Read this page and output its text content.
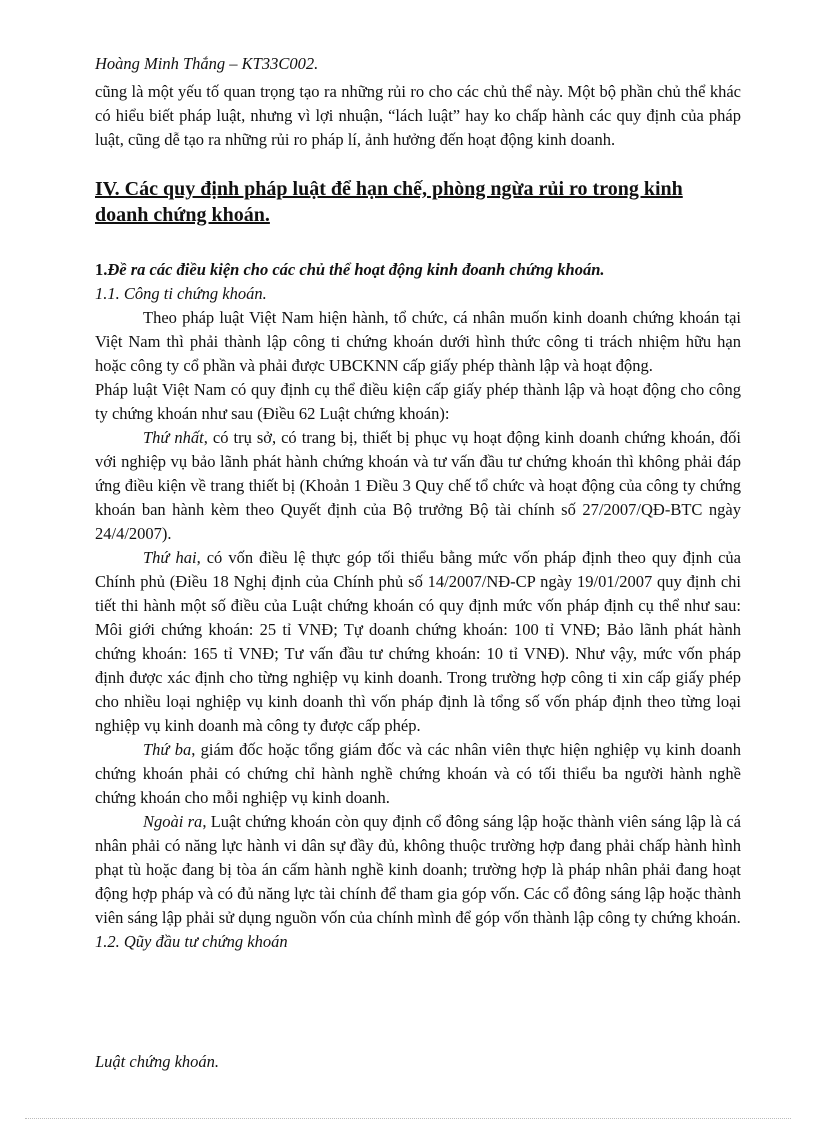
Hoàng Minh Thắng – KT33C002.

cũng là một yếu tố quan trọng tạo ra những rủi ro cho các chủ thể này. Một bộ phần chủ thể khác có hiểu biết pháp luật, nhưng vì lợi nhuận, “lách luật” hay ko chấp hành các quy định của pháp luật, cũng dễ tạo ra những rủi ro pháp lí, ảnh hưởng đến hoạt động kinh doanh.

IV. Các quy định pháp luật để hạn chế, phòng ngừa rủi ro trong kinh doanh chứng khoán.
1.Đề ra các điều kiện cho các chủ thể hoạt động kinh đoanh chứng khoán.
1.1. Công ti chứng khoán.

Theo pháp luật Việt Nam hiện hành, tổ chức, cá nhân muốn kinh doanh chứng khoán tại Việt Nam thì phải thành lập công ti chứng khoán dưới hình thức công ti trách nhiệm hữu hạn hoặc công ty cổ phần và phải được UBCKNN cấp giấy phép thành lập và hoạt động.

Pháp luật Việt Nam có quy định cụ thể điều kiện cấp giấy phép thành lập và hoạt động cho công ty chứng khoán như sau (Điều 62 Luật chứng khoán):

Thứ nhất, có trụ sở, có trang bị, thiết bị phục vụ hoạt động kinh doanh chứng khoán, đối với nghiệp vụ bảo lãnh phát hành chứng khoán và tư vấn đầu tư chứng khoán thì không phải đáp ứng điều kiện về trang thiết bị (Khoản 1 Điều 3 Quy chế tổ chức và hoạt động của công ty chứng khoán ban hành kèm theo Quyết định của Bộ trưởng Bộ tài chính số 27/2007/QĐ-BTC ngày 24/4/2007).

Thứ hai, có vốn điều lệ thực góp tối thiểu bằng mức vốn pháp định theo quy định của Chính phủ (Điều 18 Nghị định của Chính phủ số 14/2007/NĐ-CP ngày 19/01/2007 quy định chi tiết thi hành một số điều của Luật chứng khoán có quy định mức vốn pháp định cụ thể như sau: Môi giới chứng khoán: 25 tỉ VNĐ; Tự doanh chứng khoán: 100 tỉ VNĐ; Bảo lãnh phát hành chứng khoán: 165 tỉ VNĐ; Tư vấn đầu tư chứng khoán: 10 tỉ VNĐ). Như vậy, mức vốn pháp định được xác định cho từng nghiệp vụ kinh doanh. Trong trường hợp công ti xin cấp giấy phép cho nhiều loại nghiệp vụ kinh doanh thì vốn pháp định là tổng số vốn pháp định theo từng loại nghiệp vụ kinh doanh mà công ty được cấp phép.

Thứ ba, giám đốc hoặc tổng giám đốc và các nhân viên thực hiện nghiệp vụ kinh doanh chứng khoán phải có chứng chỉ hành nghề chứng khoán và có tối thiểu ba người hành nghề chứng khoán cho mỗi nghiệp vụ kinh doanh.

Ngoài ra, Luật chứng khoán còn quy định cổ đông sáng lập hoặc thành viên sáng lập là cá nhân phải có năng lực hành vi dân sự đầy đủ, không thuộc trường hợp đang phải chấp hành hình phạt tù hoặc đang bị tòa án cấm hành nghề kinh doanh; trường hợp là pháp nhân phải đang hoạt động hợp pháp và có đủ năng lực tài chính để tham gia góp vốn. Các cổ đông sáng lập hoặc thành viên sáng lập phải sử dụng nguồn vốn của chính mình để góp vốn thành lập công ty chứng khoán.

1.2. Qũy đầu tư chứng khoán
Luật chứng khoán.
